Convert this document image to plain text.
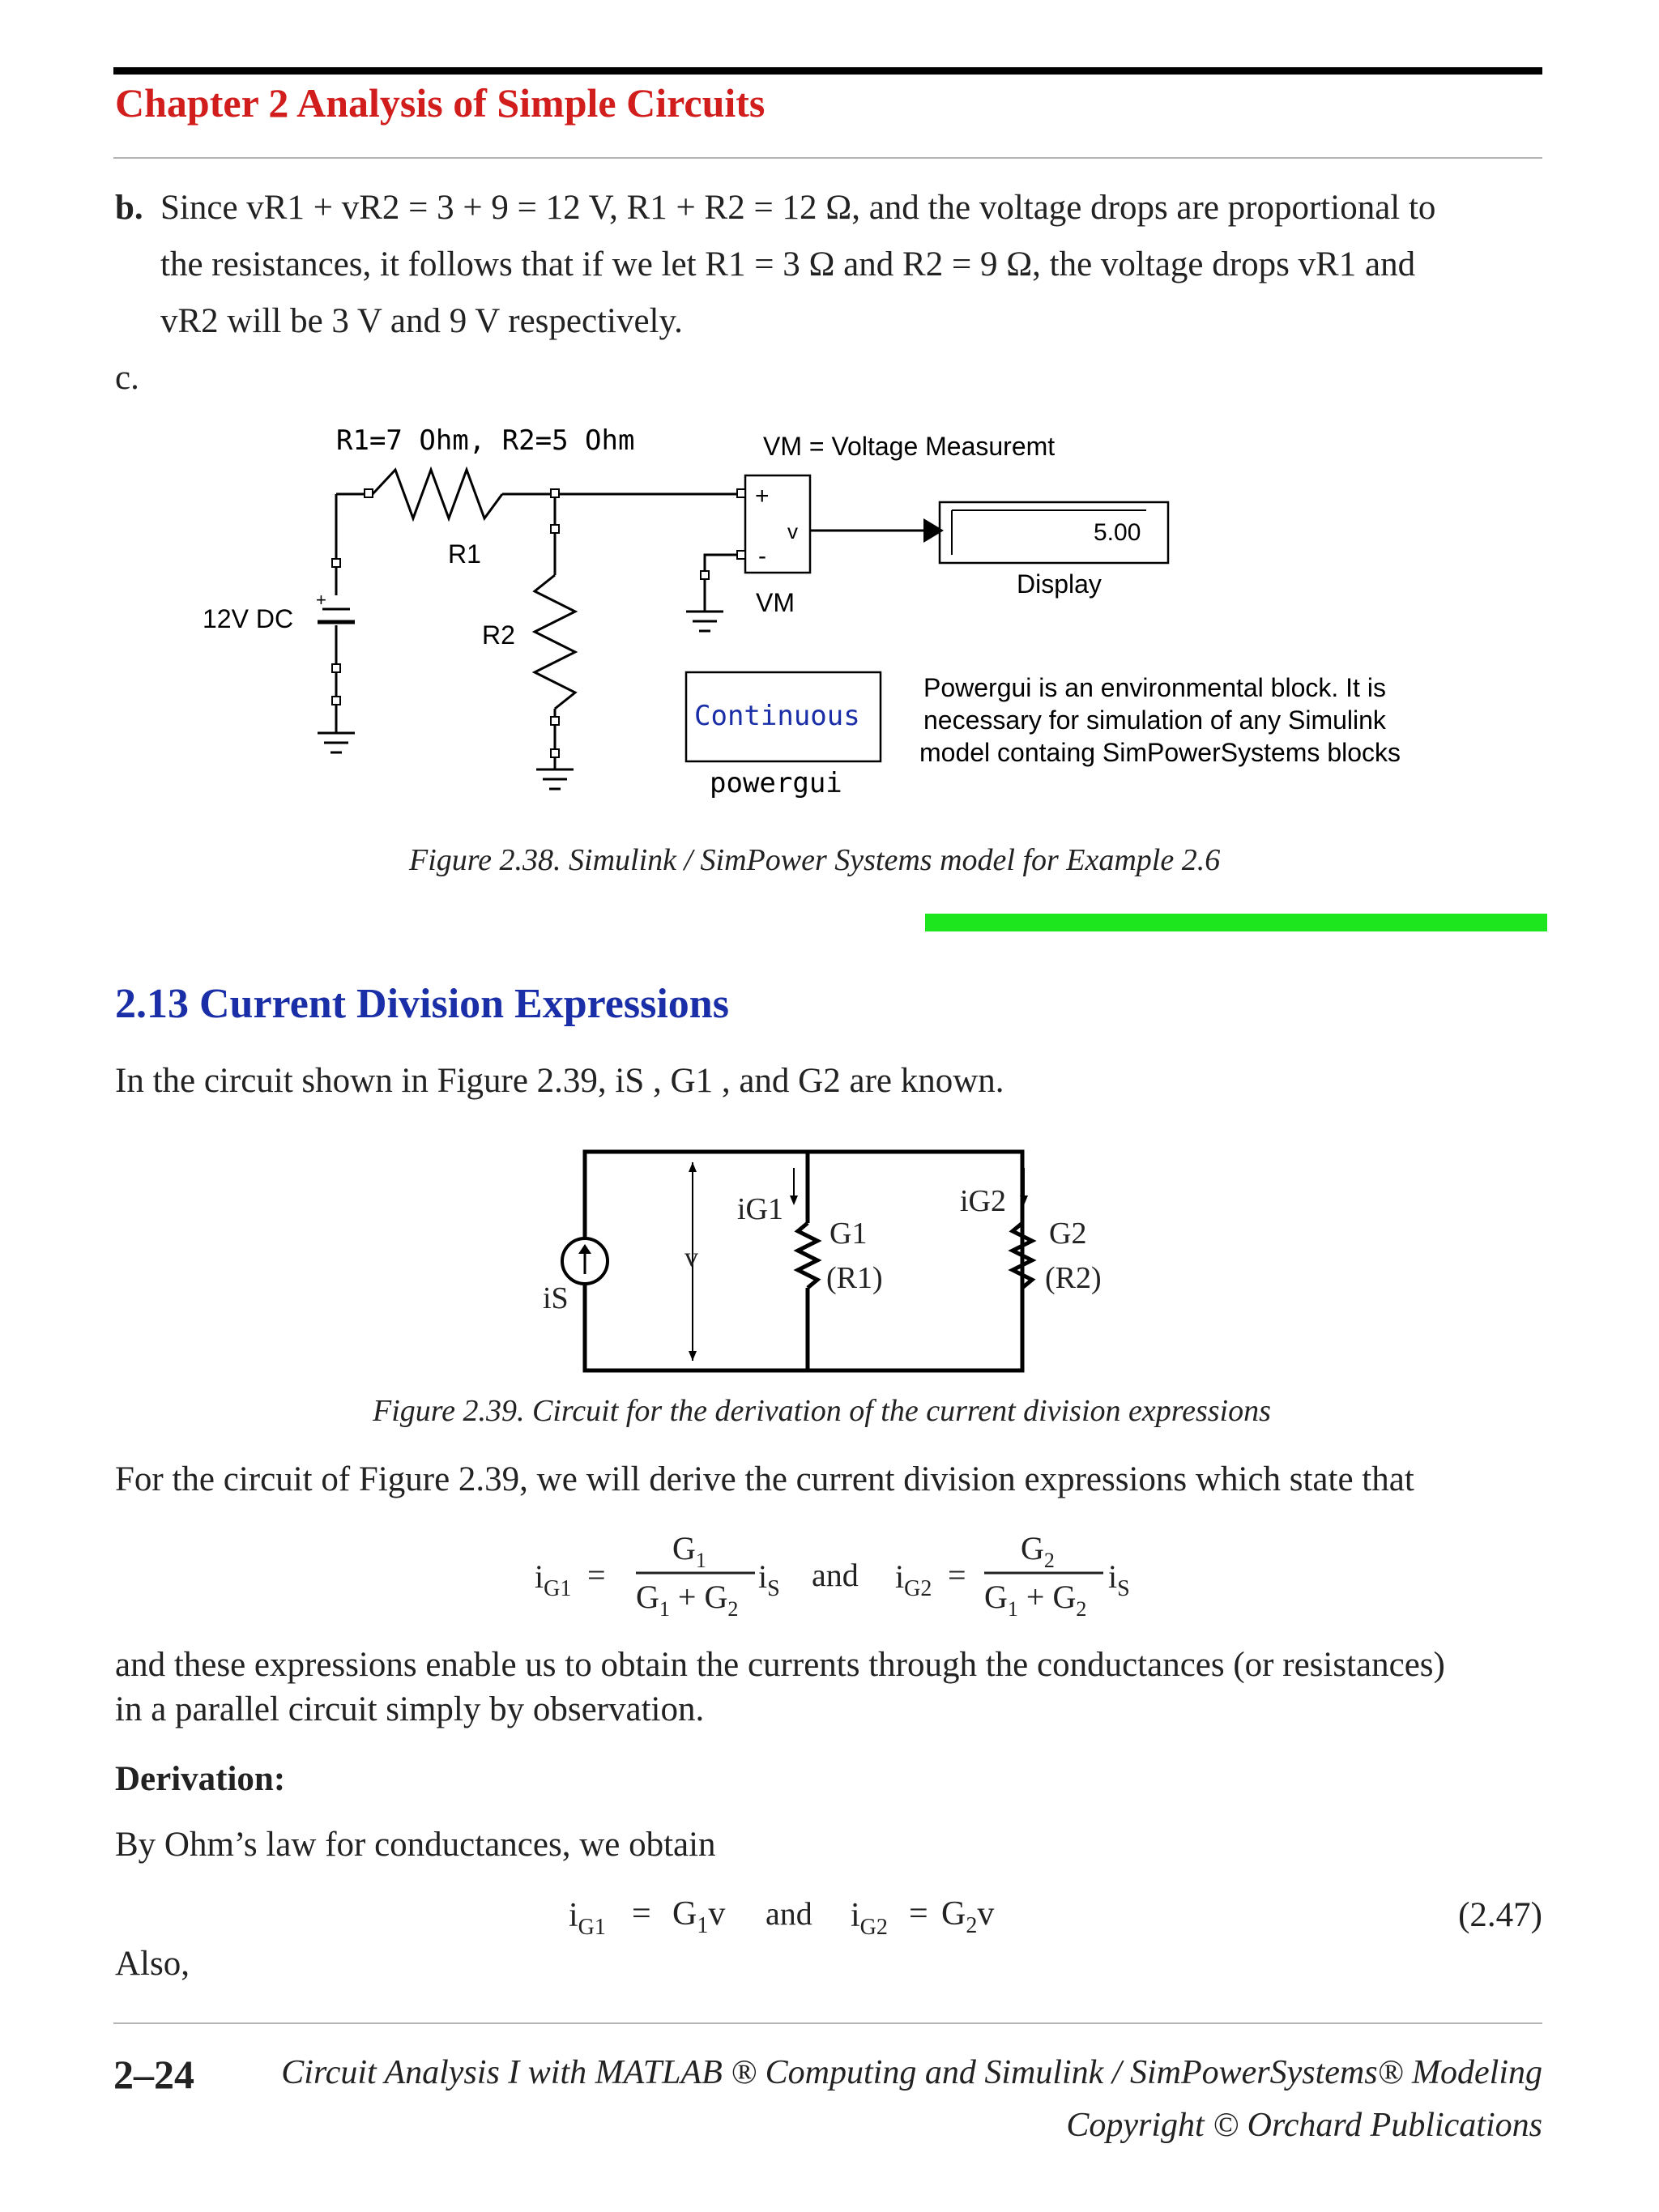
Chapter 2 Analysis of Simple Circuits
b. Since vR1 + vR2 = 3 + 9 = 12 V, R1 + R2 = 12 Ω, and the voltage drops are proportional to
the resistances, it follows that if we let R1 = 3 Ω and R2 = 9 Ω, the voltage drops vR1 and
vR2 will be 3 V and 9 V respectively.
c.
R1=7 Ohm, R2=5 Ohm	VM = Voltage Measuremt
R1
R2
12V DC
+
+
-
v
VM
5.00
Display
Continuous
powergui
Powergui is an environmental block. It is
necessary for simulation of any Simulink
model containg SimPowerSystems blocks
Figure 2.38. Simulink / SimPower Systems model for Example 2.6
2.13 Current Division Expressions
In the circuit shown in Figure 2.39, iS , G1 , and G2 are known.
iS
v
iG1
G1
(R1)
iG2
G2
(R2)
Figure 2.39. Circuit for the derivation of the current division expressions
For the circuit of Figure 2.39, we will derive the current division expressions which state that
$i_{G1}$ =
$G_1$
$G_1 + G_2$
$i_S$ and $i_{G2}$ =
$G_2$
$G_1 + G_2$
$i_S$
and these expressions enable us to obtain the currents through the conductances (or resistances)
in a parallel circuit simply by observation.
Derivation:
By Ohm’s law for conductances, we obtain
$i_{G1} = G_1v$ and $i_{G2} = G_2v$	(2.47)
Also,
2–24	Circuit Analysis I with MATLAB ® Computing and Simulink / SimPowerSystems® Modeling
Copyright © Orchard Publications
